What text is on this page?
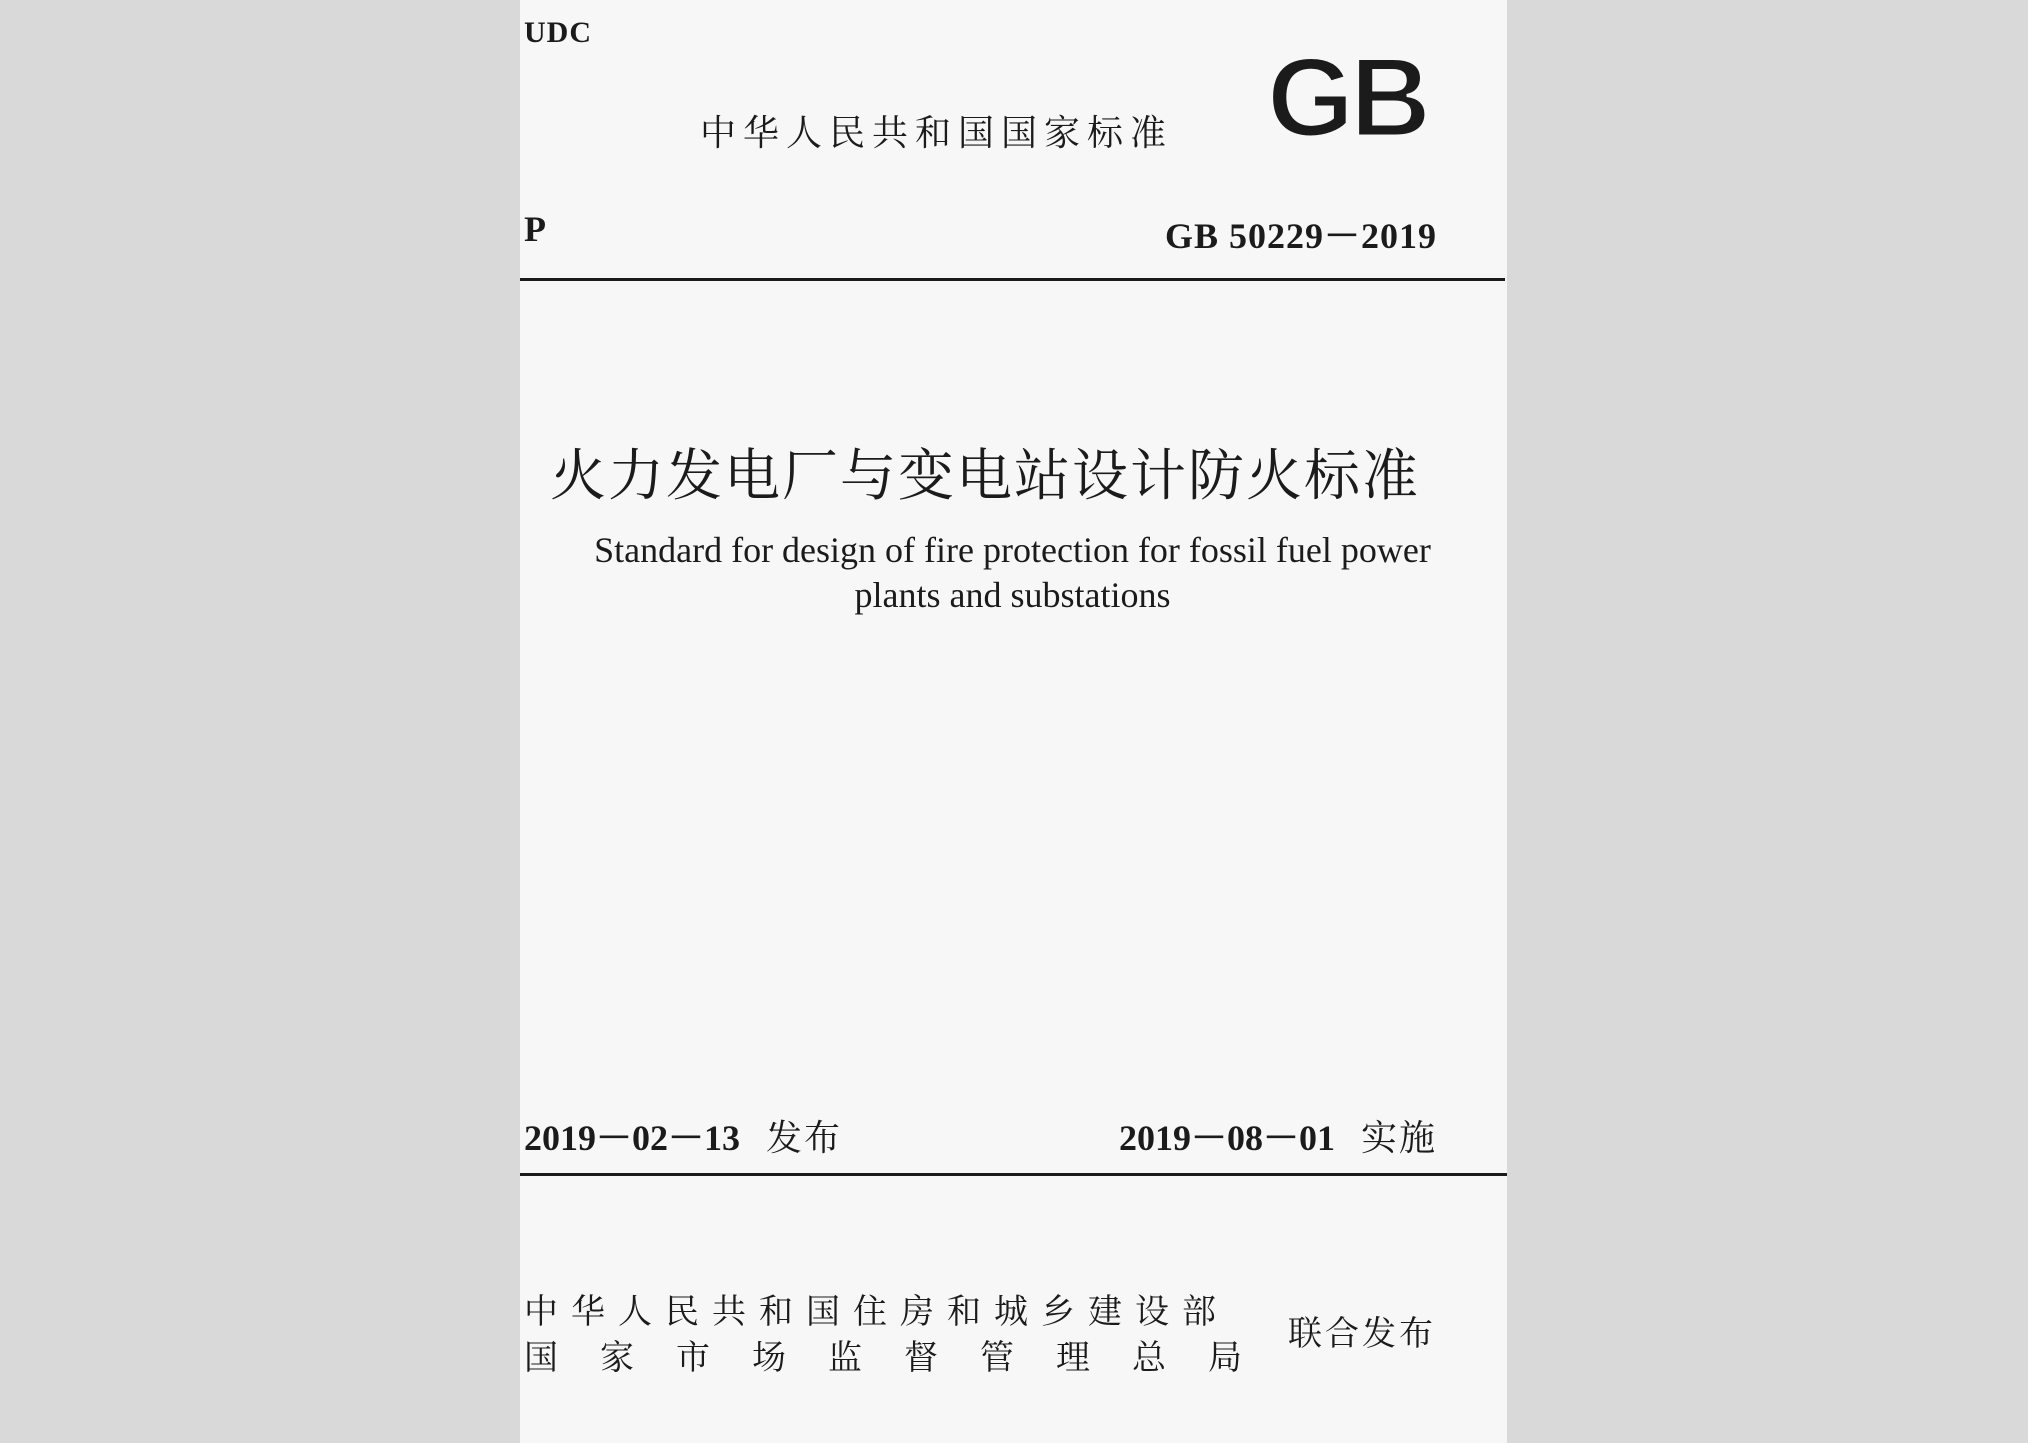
UDC
中华人民共和国国家标准 GB
P	GB 50229－2019
火力发电厂与变电站设计防火标准
Standard for design of fire protection for fossil fuel power
plants and substations
2019－02－13 发布	2019－08－01 实施
中华人民共和国住房和城乡建设部
国家市场监督管理总局
联合发布
